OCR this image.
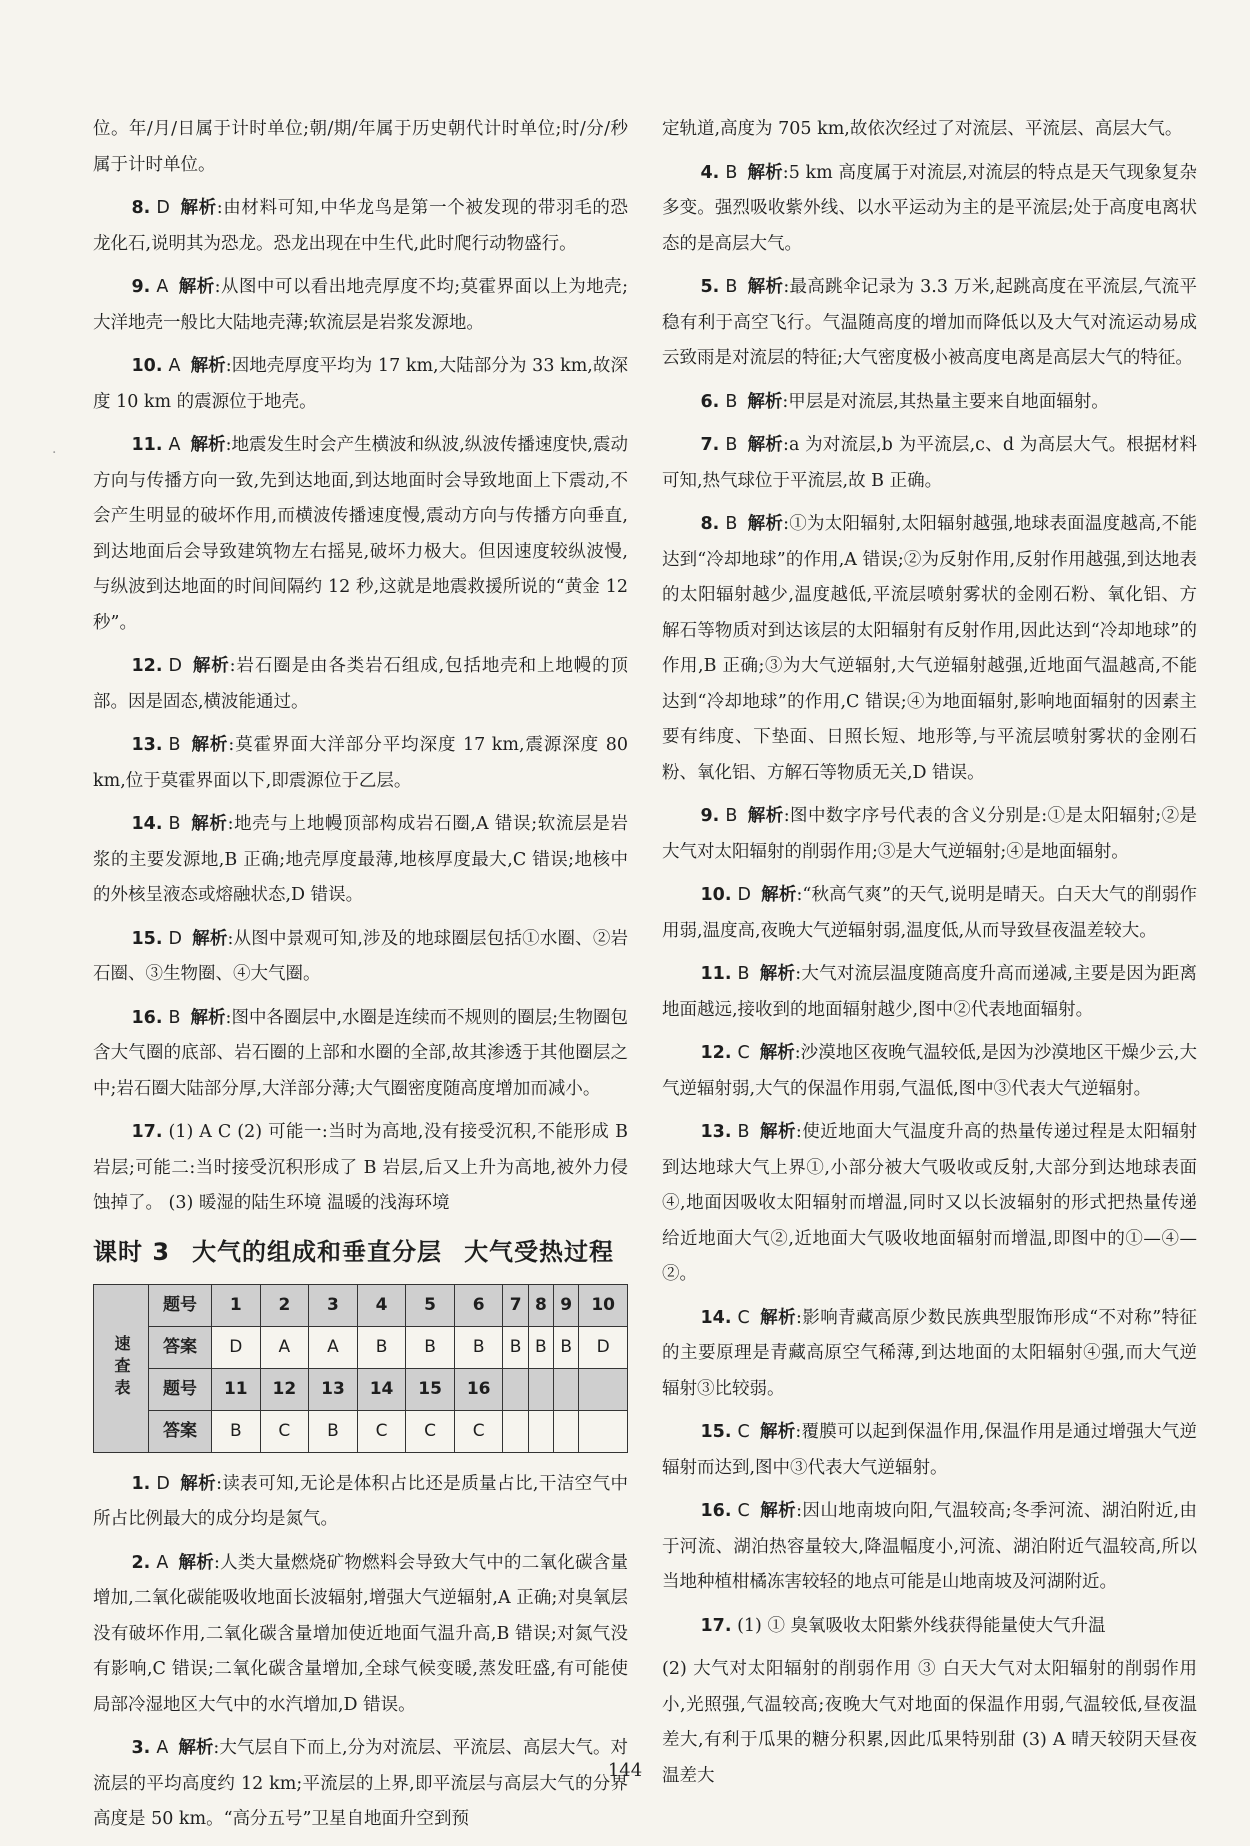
位。年/月/日属于计时单位;朝/期/年属于历史朝代计时单位;时/分/秒属于计时单位。
8. D 解析:由材料可知,中华龙鸟是第一个被发现的带羽毛的恐龙化石,说明其为恐龙。恐龙出现在中生代,此时爬行动物盛行。
9. A 解析:从图中可以看出地壳厚度不均;莫霍界面以上为地壳;大洋地壳一般比大陆地壳薄;软流层是岩浆发源地。
10. A 解析:因地壳厚度平均为 17 km,大陆部分为 33 km,故深度 10 km 的震源位于地壳。
11. A 解析:地震发生时会产生横波和纵波,纵波传播速度快,震动方向与传播方向一致,先到达地面,到达地面时会导致地面上下震动,不会产生明显的破坏作用,而横波传播速度慢,震动方向与传播方向垂直,到达地面后会导致建筑物左右摇晃,破坏力极大。但因速度较纵波慢,与纵波到达地面的时间间隔约 12 秒,这就是地震救援所说的“黄金 12 秒”。
12. D 解析:岩石圈是由各类岩石组成,包括地壳和上地幔的顶部。因是固态,横波能通过。
13. B 解析:莫霍界面大洋部分平均深度 17 km,震源深度 80 km,位于莫霍界面以下,即震源位于乙层。
14. B 解析:地壳与上地幔顶部构成岩石圈,A 错误;软流层是岩浆的主要发源地,B 正确;地壳厚度最薄,地核厚度最大,C 错误;地核中的外核呈液态或熔融状态,D 错误。
15. D 解析:从图中景观可知,涉及的地球圈层包括①水圈、②岩石圈、③生物圈、④大气圈。
16. B 解析:图中各圈层中,水圈是连续而不规则的圈层;生物圈包含大气圈的底部、岩石圈的上部和水圈的全部,故其渗透于其他圈层之中;岩石圈大陆部分厚,大洋部分薄;大气圈密度随高度增加而减小。
17. (1) A C (2) 可能一:当时为高地,没有接受沉积,不能形成 B 岩层;可能二:当时接受沉积形成了 B 岩层,后又上升为高地,被外力侵蚀掉了。 (3) 暖湿的陆生环境 温暖的浅海环境
课时 3 大气的组成和垂直分层 大气受热过程
速查表	题号	1	2	3	4	5	6	7	8	9	10
	答案	D	A	A	B	B	B	B	B	B	D
	题号	11	12	13	14	15	16				
	答案	B	C	B	C	C	C				
1. D 解析:读表可知,无论是体积占比还是质量占比,干洁空气中所占比例最大的成分均是氮气。
2. A 解析:人类大量燃烧矿物燃料会导致大气中的二氧化碳含量增加,二氧化碳能吸收地面长波辐射,增强大气逆辐射,A 正确;对臭氧层没有破坏作用,二氧化碳含量增加使近地面气温升高,B 错误;对氮气没有影响,C 错误;二氧化碳含量增加,全球气候变暖,蒸发旺盛,有可能使局部冷湿地区大气中的水汽增加,D 错误。
3. A 解析:大气层自下而上,分为对流层、平流层、高层大气。对流层的平均高度约 12 km;平流层的上界,即平流层与高层大气的分界高度是 50 km。“高分五号”卫星自地面升空到预
定轨道,高度为 705 km,故依次经过了对流层、平流层、高层大气。
4. B 解析:5 km 高度属于对流层,对流层的特点是天气现象复杂多变。强烈吸收紫外线、以水平运动为主的是平流层;处于高度电离状态的是高层大气。
5. B 解析:最高跳伞记录为 3.3 万米,起跳高度在平流层,气流平稳有利于高空飞行。气温随高度的增加而降低以及大气对流运动易成云致雨是对流层的特征;大气密度极小被高度电离是高层大气的特征。
6. B 解析:甲层是对流层,其热量主要来自地面辐射。
7. B 解析:a 为对流层,b 为平流层,c、d 为高层大气。根据材料可知,热气球位于平流层,故 B 正确。
8. B 解析:①为太阳辐射,太阳辐射越强,地球表面温度越高,不能达到“冷却地球”的作用,A 错误;②为反射作用,反射作用越强,到达地表的太阳辐射越少,温度越低,平流层喷射雾状的金刚石粉、氧化铝、方解石等物质对到达该层的太阳辐射有反射作用,因此达到“冷却地球”的作用,B 正确;③为大气逆辐射,大气逆辐射越强,近地面气温越高,不能达到“冷却地球”的作用,C 错误;④为地面辐射,影响地面辐射的因素主要有纬度、下垫面、日照长短、地形等,与平流层喷射雾状的金刚石粉、氧化铝、方解石等物质无关,D 错误。
9. B 解析:图中数字序号代表的含义分别是:①是太阳辐射;②是大气对太阳辐射的削弱作用;③是大气逆辐射;④是地面辐射。
10. D 解析:“秋高气爽”的天气,说明是晴天。白天大气的削弱作用弱,温度高,夜晚大气逆辐射弱,温度低,从而导致昼夜温差较大。
11. B 解析:大气对流层温度随高度升高而递减,主要是因为距离地面越远,接收到的地面辐射越少,图中②代表地面辐射。
12. C 解析:沙漠地区夜晚气温较低,是因为沙漠地区干燥少云,大气逆辐射弱,大气的保温作用弱,气温低,图中③代表大气逆辐射。
13. B 解析:使近地面大气温度升高的热量传递过程是太阳辐射到达地球大气上界①,小部分被大气吸收或反射,大部分到达地球表面④,地面因吸收太阳辐射而增温,同时又以长波辐射的形式把热量传递给近地面大气②,近地面大气吸收地面辐射而增温,即图中的①—④—②。
14. C 解析:影响青藏高原少数民族典型服饰形成“不对称”特征的主要原理是青藏高原空气稀薄,到达地面的太阳辐射④强,而大气逆辐射③比较弱。
15. C 解析:覆膜可以起到保温作用,保温作用是通过增强大气逆辐射而达到,图中③代表大气逆辐射。
16. C 解析:因山地南坡向阳,气温较高;冬季河流、湖泊附近,由于河流、湖泊热容量较大,降温幅度小,河流、湖泊附近气温较高,所以当地种植柑橘冻害较轻的地点可能是山地南坡及河湖附近。
17. (1) ① 臭氧吸收太阳紫外线获得能量使大气升温
(2) 大气对太阳辐射的削弱作用 ③ 白天大气对太阳辐射的削弱作用小,光照强,气温较高;夜晚大气对地面的保温作用弱,气温较低,昼夜温差大,有利于瓜果的糖分积累,因此瓜果特别甜 (3) A 晴天较阴天昼夜温差大
·
144
